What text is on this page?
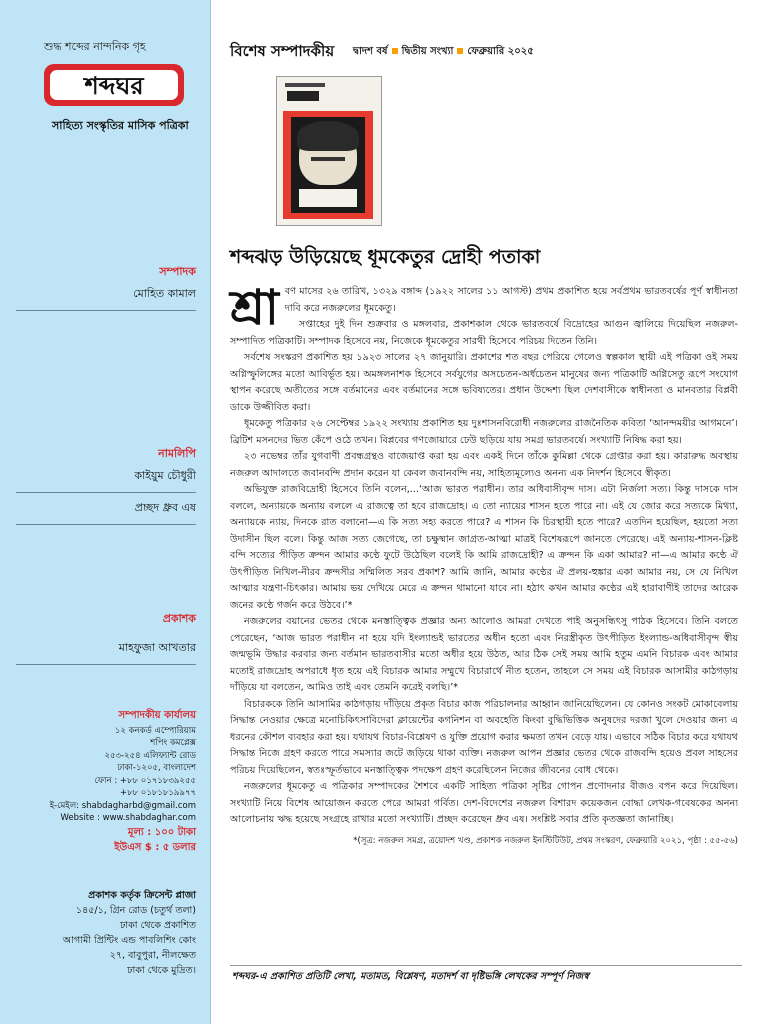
শুদ্ধ শব্দের নান্দনিক গৃহ
শব্দঘর
সাহিত্য সংস্কৃতির মাসিক পত্রিকা
সম্পাদক
মোহিত কামাল
নামলিপি
কাইয়ুম চৌধুরী
প্রচ্ছদ ধ্রুব এষ
প্রকাশক
মাহফুজা আখতার
সম্পাদকীয় কার্যালয়
১২ কনকর্ড এম্পোরিয়াম
শপিং কমপ্লেক্স
২৫৩-২৫৪ এলিফ্যান্ট রোড
ঢাকা-১২০৫, বাংলাদেশ
ফোন : +৮৮ ০১৭১৮৩৯২৫৫
+৮৮ ০১৮১৮১৯৯৭৭
ই-মেইল: shabdagharbd@gmail.com
Website : www.shabdaghar.com
মূল্য : ১০০ টাকা
ইউএস $ : ৫ ডলার
প্রকাশক কর্তৃক ক্রিসেন্ট প্লাজা
১৪৫/১, গ্রিন রোড (চতুর্থ তলা)
ঢাকা থেকে প্রকাশিত
আগামী প্রিন্টিং এন্ড পাবলিশিং কোং
২৭, বাবুপুরা, নীলক্ষেত
ঢাকা থেকে মুদ্রিত।
বিশেষ সম্পাদকীয় দ্বাদশ বর্ষ দ্বিতীয় সংখ্যা ফেব্রুয়ারি ২০২৫
শব্দঝড় উড়িয়েছে ধূমকেতুর দ্রোহী পতাকা

শ্রা বণ মাসের ২৬ তারিখ, ১৩২৯ বঙ্গাব্দ (১৯২২ সালের ১১ আগস্ট) প্রথম প্রকাশিত হয়ে সর্বপ্রথম ভারতবর্ষের পূর্ণ স্বাধীনতা দাবি করে নজরুলের ধূমকেতু।

সপ্তাহের দুই দিন শুক্রবার ও মঙ্গলবার, প্রকাশকাল থেকে ভারতবর্ষে বিদ্রোহের আগুন জ্বালিয়ে দিয়েছিল নজরুল-সম্পাদিত পত্রিকাটি। সম্পাদক হিসেবে নয়, নিজেকে ধূমকেতুর সারথী হিসেবে পরিচয় দিতেন তিনি।

সর্বশেষ সংস্করণ প্রকাশিত হয় ১৯২৩ সালের ২৭ জানুয়ারি। প্রকাশের শত বছর পেরিয়ে গেলেও স্বল্পকাল স্থায়ী এই পত্রিকা ওই সময় অগ্নিস্ফুলিঙ্গের মতো আবির্ভূত হয়। অমঙ্গলনাশক হিসেবে সর্বযুগের অসচেতন-অর্ধচেতন মানুষের জন্য পত্রিকাটি অগ্নিসেতু রূপে সংযোগ স্থাপন করেছে অতীতের সঙ্গে বর্তমানের এবং বর্তমানের সঙ্গে ভবিষ্যতের। প্রধান উদ্দেশ্য ছিল দেশবাসীকে স্বাধীনতা ও মানবতার বিপ্লবী ডাকে উজ্জীবিত করা।

ধূমকেতু পত্রিকার ২৬ সেপ্টেম্বর ১৯২২ সংখ্যায় প্রকাশিত হয় দুঃশাসনবিরোধী নজরুলের রাজনৈতিক কবিতা ‘আনন্দময়ীর আগমনে’। ব্রিটিশ মসনদের ভিত কেঁপে ওঠে তখন। বিপ্লবের গণজোয়ারে ঢেউ ছড়িয়ে যায় সমগ্র ভারতবর্ষে। সংখ্যাটি নিষিদ্ধ করা হয়।

২৩ নভেম্বর তাঁর যুগবাণী প্রবন্ধগ্রন্থও বাজেয়াপ্ত করা হয় এবং একই দিনে তাঁকে কুমিল্লা থেকে গ্রেপ্তার করা হয়। কারারুদ্ধ অবস্থায় নজরুল আদালতে জবানবন্দি প্রদান করেন যা কেবল জবানবন্দি নয়, সাহিত্যমূল্যেও অনন্য এক নিদর্শন হিসেবে স্বীকৃত।

অভিযুক্ত রাজবিদ্রোহী হিসেবে তিনি বলেন,...‘আজ ভারত পরাধীন। তার অধিবাসীবৃন্দ দাস। এটা নির্জলা সত্য। কিন্তু দাসকে দাস বললে, অন্যায়কে অন্যায় বললে এ রাজত্বে তা হবে রাজদ্রোহ। এ তো ন্যায়ের শাসন হতে পারে না। এই যে জোর করে সত্যকে মিথ্যা, অন্যায়কে ন্যায়, দিনকে রাত বলানো—এ কি সত্য সহ্য করতে পারে? এ শাসন কি চিরস্থায়ী হতে পারে? এতদিন হয়েছিল, হয়তো সত্য উদাসীন ছিল বলে। কিন্তু আজ সত্য জেগেছে, তা চক্ষুষ্মান জাগ্রত-আত্মা মাত্রই বিশেষরূপে জানতে পেরেছে। এই অন্যায়-শাসন-ক্লিষ্ট বন্দি সত্যের পীড়িত ক্রন্দন আমার কণ্ঠে ফুটে উঠেছিল বলেই কি আমি রাজদ্রোহী? এ ক্রন্দন কি একা আমার? না—এ আমার কণ্ঠে ঐ উৎপীড়িত নিখিল-নীরব ক্রন্দসীর সম্মিলিত সরব প্রকাশ? আমি জানি, আমার কণ্ঠের ঐ প্রলয়-হুঙ্কার একা আমার নয়, সে যে নিখিল আত্মার যন্ত্রণা-চিৎকার। আমায় ভয় দেখিয়ে মেরে এ ক্রন্দন থামানো যাবে না। হঠাৎ কখন আমার কণ্ঠের এই হারাবাণীই তাদের আরেক জনের কণ্ঠে গর্জন করে উঠবে।’*

নজরুলের বয়ানের ভেতর থেকে মনস্তাত্ত্বিক প্রজ্ঞার অন্য আলোও আমরা দেখতে পাই অনুসন্ধিৎসু পাঠক হিসেবে। তিনি বলতে পেরেছেন, ‘আজ ভারত পরাধীন না হয়ে যদি ইংল্যান্ডই ভারতের অধীন হতো এবং নিরস্ত্রীকৃত উৎপীড়িত ইংল্যান্ড-অধিবাসীবৃন্দ স্বীয় জন্মভূমি উদ্ধার করবার জন্য বর্তমান ভারতবাসীর মতো অধীর হয়ে উঠত, আর ঠিক সেই সময় আমি হতুম এমনি বিচারক এবং আমার মতোই রাজদ্রোহ অপরাধে ধৃত হয়ে এই বিচারক আমার সম্মুখে বিচারার্থে নীত হতেন, তাহলে সে সময় এই বিচারক আসামীর কাঠগড়ায় দাঁড়িয়ে যা বলতেন, আমিও তাই এবং তেমনি করেই বলছি।’*

বিচারককে তিনি আসামির কাঠগড়ায় দাঁড়িয়ে প্রকৃত বিচার কাজ পরিচালনার আহ্বান জানিয়েছিলেন। যে কোনও সংকট মোকাবেলায় সিদ্ধান্ত নেওয়ার ক্ষেত্রে মনোচিকিৎসাবিদেরা ক্লায়েন্টের কগনিশন বা অবহেতি কিংবা বুদ্ধিভিত্তিক অনুষদের দরজা খুলে দেওয়ার জন্য এ ধরনের কৌশল ব্যবহার করা হয়। যথাযথ বিচার-বিশ্লেষণ ও যুক্তি প্রয়োগ করার ক্ষমতা তখন বেড়ে যায়। এভাবে সঠিক বিচার করে যথাযথ সিদ্ধান্ত নিজে গ্রহণ করতে পারে সমস্যার জটে জড়িয়ে থাকা ব্যক্তি। নজরুল আপন প্রজ্ঞার ভেতর থেকে রাজবন্দি হয়েও প্রবল সাহসের পরিচয় দিয়েছিলেন, স্বতঃস্ফূর্তভাবে মনস্তাত্ত্বিক পদক্ষেপ গ্রহণ করেছিলেন নিজের জীবনের বোধ থেকে।

নজরুলের ধূমকেতু এ পত্রিকার সম্পাদকের শৈশবে একটি সাহিত্য পত্রিকা সৃষ্টির গোপন প্রণোদনার বীজও বপন করে দিয়েছিল। সংখ্যাটি নিয়ে বিশেষ আয়োজন করতে পেরে আমরা গর্বিত। দেশ-বিদেশের নজরুল বিশারদ কয়েকজন বোদ্ধা লেখক-গবেষকের অনন্য আলোচনায় ঋদ্ধ হয়েছে সংগ্রহে রাখার মতো সংখ্যাটি। প্রচ্ছদ করেছেন ধ্রুব এষ। সংশ্লিষ্ট সবার প্রতি কৃতজ্ঞতা জানাচ্ছি।

*(সূত্র: নজরুল সমগ্র, ত্রয়োদশ খণ্ড, প্রকাশক নজরুল ইনস্টিটিউট, প্রথম সংস্করণ, ফেব্রুয়ারি ২০২১, পৃষ্ঠা : ৫৫-৫৬)
শব্দঘর-এ প্রকাশিত প্রতিটি লেখা, মতামত, বিশ্লেষণ, মতাদর্শ বা দৃষ্টিভঙ্গি লেখকের সম্পূর্ণ নিজস্ব
